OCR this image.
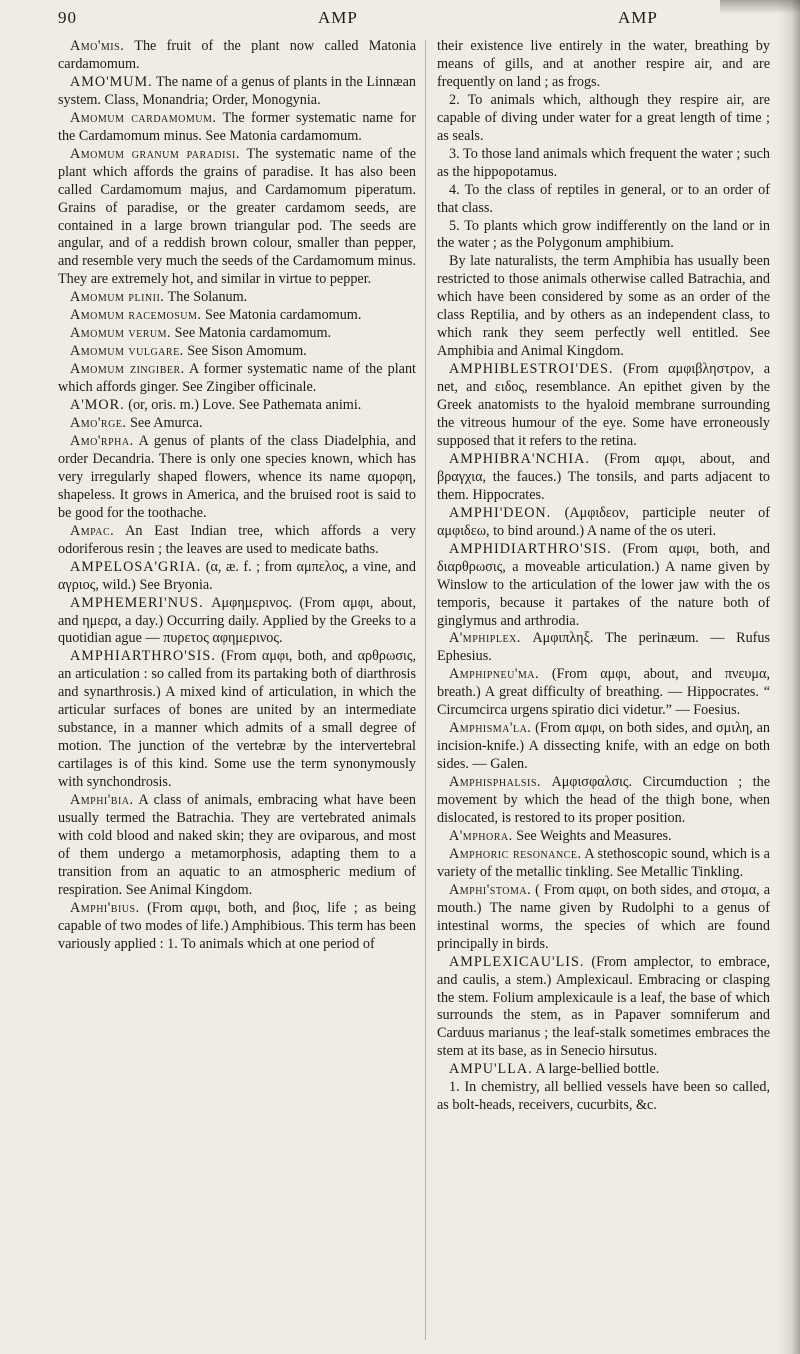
90	AMP	AMP

Amo'mis. The fruit of the plant now called Matonia cardamomum.

AMO'MUM. The name of a genus of plants in the Linnæan system. Class, Monandria; Order, Monogynia.

Amomum cardamomum. The former systematic name for the Cardamomum minus. See Matonia cardamomum.

Amomum granum paradisi. The systematic name of the plant which affords the grains of paradise. It has also been called Cardamomum majus, and Cardamomum piperatum. Grains of paradise, or the greater cardamom seeds, are contained in a large brown triangular pod. The seeds are angular, and of a reddish brown colour, smaller than pepper, and resemble very much the seeds of the Cardamomum minus. They are extremely hot, and similar in virtue to pepper.

Amomum plinii. The Solanum.

Amomum racemosum. See Matonia cardamomum.

Amomum verum. See Matonia cardamomum.

Amomum vulgare. See Sison Amomum.

Amomum zingiber. A former systematic name of the plant which affords ginger. See Zingiber officinale.

A'MOR. (or, oris. m.) Love. See Pathemata animi.

Amo'rge. See Amurca.

Amo'rpha. A genus of plants of the class Diadelphia, and order Decandria. There is only one species known, which has very irregularly shaped flowers, whence its name αμορφη, shapeless. It grows in America, and the bruised root is said to be good for the toothache.

Ampac. An East Indian tree, which affords a very odoriferous resin ; the leaves are used to medicate baths.

AMPELOSA'GRIA. (α, æ. f. ; from αμπελος, a vine, and αγριος, wild.) See Bryonia.

AMPHEMERI'NUS. Αμφημερινος. (From αμφι, about, and ημερα, a day.) Occurring daily. Applied by the Greeks to a quotidian ague — πυρετος αφημερινος.

AMPHIARTHRO'SIS. (From αμφι, both, and αρθρωσις, an articulation : so called from its partaking both of diarthrosis and synarthrosis.) A mixed kind of articulation, in which the articular surfaces of bones are united by an intermediate substance, in a manner which admits of a small degree of motion. The junction of the vertebræ by the intervertebral cartilages is of this kind. Some use the term synonymously with synchondrosis.

Amphi'bia. A class of animals, embracing what have been usually termed the Batrachia. They are vertebrated animals with cold blood and naked skin; they are oviparous, and most of them undergo a metamorphosis, adapting them to a transition from an aquatic to an atmospheric medium of respiration. See Animal Kingdom.

Amphi'bius. (From αμφι, both, and βιος, life ; as being capable of two modes of life.) Amphibious. This term has been variously applied : 1. To animals which at one period of

their existence live entirely in the water, breathing by means of gills, and at another respire air, and are frequently on land ; as frogs.

2. To animals which, although they respire air, are capable of diving under water for a great length of time ; as seals.

3. To those land animals which frequent the water ; such as the hippopotamus.

4. To the class of reptiles in general, or to an order of that class.

5. To plants which grow indifferently on the land or in the water ; as the Polygonum amphibium.

By late naturalists, the term Amphibia has usually been restricted to those animals otherwise called Batrachia, and which have been considered by some as an order of the class Reptilia, and by others as an independent class, to which rank they seem perfectly well entitled. See Amphibia and Animal Kingdom.

AMPHIBLESTROI'DES. (From αμφιβληστρον, a net, and ειδος, resemblance. An epithet given by the Greek anatomists to the hyaloid membrane surrounding the vitreous humour of the eye. Some have erroneously supposed that it refers to the retina.

AMPHIBRA'NCHIA. (From αμφι, about, and βραγχια, the fauces.) The tonsils, and parts adjacent to them. Hippocrates.

AMPHI'DEON. (Αμφιδεον, participle neuter of αμφιδεω, to bind around.) A name of the os uteri.

AMPHIDIARTHRO'SIS. (From αμφι, both, and διαρθρωσις, a moveable articulation.) A name given by Winslow to the articulation of the lower jaw with the os temporis, because it partakes of the nature both of ginglymus and arthrodia.

A'mphiplex. Αμφιπληξ. The perinæum. — Rufus Ephesius.

Amphipneu'ma. (From αμφι, about, and πνευμα, breath.) A great difficulty of breathing. — Hippocrates. “ Circumcirca urgens spiratio dici videtur.” — Foesius.

Amphisma'la. (From αμφι, on both sides, and σμιλη, an incision-knife.) A dissecting knife, with an edge on both sides. — Galen.

Amphisphalsis. Αμφισφαλσις. Circumduction ; the movement by which the head of the thigh bone, when dislocated, is restored to its proper position.

A'mphora. See Weights and Measures.

Amphoric resonance. A stethoscopic sound, which is a variety of the metallic tinkling. See Metallic Tinkling.

Amphi'stoma. ( From αμφι, on both sides, and στομα, a mouth.) The name given by Rudolphi to a genus of intestinal worms, the species of which are found principally in birds.

AMPLEXICAU'LIS. (From amplector, to embrace, and caulis, a stem.) Amplexicaul. Embracing or clasping the stem. Folium amplexicaule is a leaf, the base of which surrounds the stem, as in Papaver somniferum and Carduus marianus ; the leaf-stalk sometimes embraces the stem at its base, as in Senecio hirsutus.

AMPU'LLA. A large-bellied bottle.

1. In chemistry, all bellied vessels have been so called, as bolt-heads, receivers, cucurbits, &c.
